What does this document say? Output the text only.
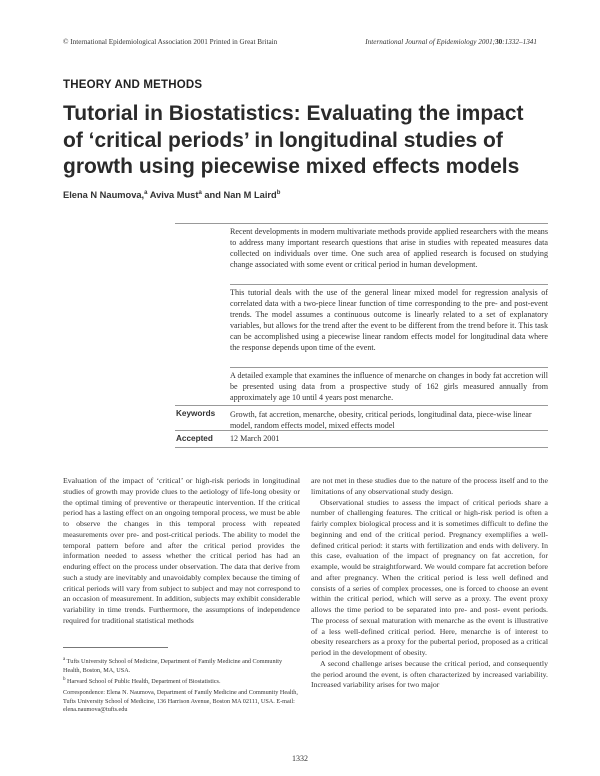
© International Epidemiological Association 2001 Printed in Great Britain	International Journal of Epidemiology 2001;30:1332–1341
THEORY AND METHODS
Tutorial in Biostatistics: Evaluating the impact of ‘critical periods’ in longitudinal studies of growth using piecewise mixed effects models
Elena N Naumova,$^a$ Aviva Must$^a$ and Nan M Laird$^b$
Recent developments in modern multivariate methods provide applied researchers with the means to address many important research questions that arise in studies with repeated measures data collected on individuals over time. One such area of applied research is focused on studying change associated with some event or critical period in human development.
This tutorial deals with the use of the general linear mixed model for regression analysis of correlated data with a two-piece linear function of time corresponding to the pre- and post-event trends. The model assumes a continuous outcome is linearly related to a set of explanatory variables, but allows for the trend after the event to be different from the trend before it. This task can be accomplished using a piecewise linear random effects model for longitudinal data where the response depends upon time of the event.
A detailed example that examines the influence of menarche on changes in body fat accretion will be presented using data from a prospective study of 162 girls measured annually from approximately age 10 until 4 years post menarche.
Keywords Growth, fat accretion, menarche, obesity, critical periods, longitudinal data, piece-wise linear model, random effects model, mixed effects model
Accepted 12 March 2001

Evaluation of the impact of ‘critical’ or high-risk periods in longitudinal studies of growth may provide clues to the aetiology of life-long obesity or the optimal timing of preventive or therapeutic intervention. If the critical period has a lasting effect on an ongoing temporal process, we must be able to observe the changes in this temporal process with repeated measurements over pre- and post-critical periods. The ability to model the temporal pattern before and after the critical period provides the information needed to assess whether the critical period has had an enduring effect on the process under observation. The data that derive from such a study are inevitably and unavoidably complex because the timing of critical periods will vary from subject to subject and may not correspond to an occasion of measurement. In addition, subjects may exhibit considerable variability in time trends. Furthermore, the assumptions of independence required for traditional statistical methods

are not met in these studies due to the nature of the process itself and to the limitations of any observational study design.

Observational studies to assess the impact of critical periods share a number of challenging features. The critical or high-risk period is often a fairly complex biological process and it is sometimes difficult to define the beginning and end of the critical period. Pregnancy exemplifies a well-defined critical period: it starts with fertilization and ends with delivery. In this case, evaluation of the impact of pregnancy on fat accretion, for example, would be straightforward. We would compare fat accretion before and after pregnancy. When the critical period is less well defined and consists of a series of complex processes, one is forced to choose an event within the critical period, which will serve as a proxy. The event proxy allows the time period to be separated into pre- and post- event periods. The process of sexual maturation with menarche as the event is illustrative of a less well-defined critical period. Here, menarche is of interest to obesity researchers as a proxy for the pubertal period, proposed as a critical period in the development of obesity.

A second challenge arises because the critical period, and consequently the period around the event, is often characterized by increased variability. Increased variability arises for two major

$^a$ Tufts University School of Medicine, Department of Family Medicine and Community Health, Boston, MA, USA.
$^b$ Harvard School of Public Health, Department of Biostatistics.
Correspondence: Elena N. Naumova, Department of Family Medicine and Community Health, Tufts University School of Medicine, 136 Harrison Avenue, Boston MA 02111, USA. E-mail: elena.naumova@tufts.edu
1332
